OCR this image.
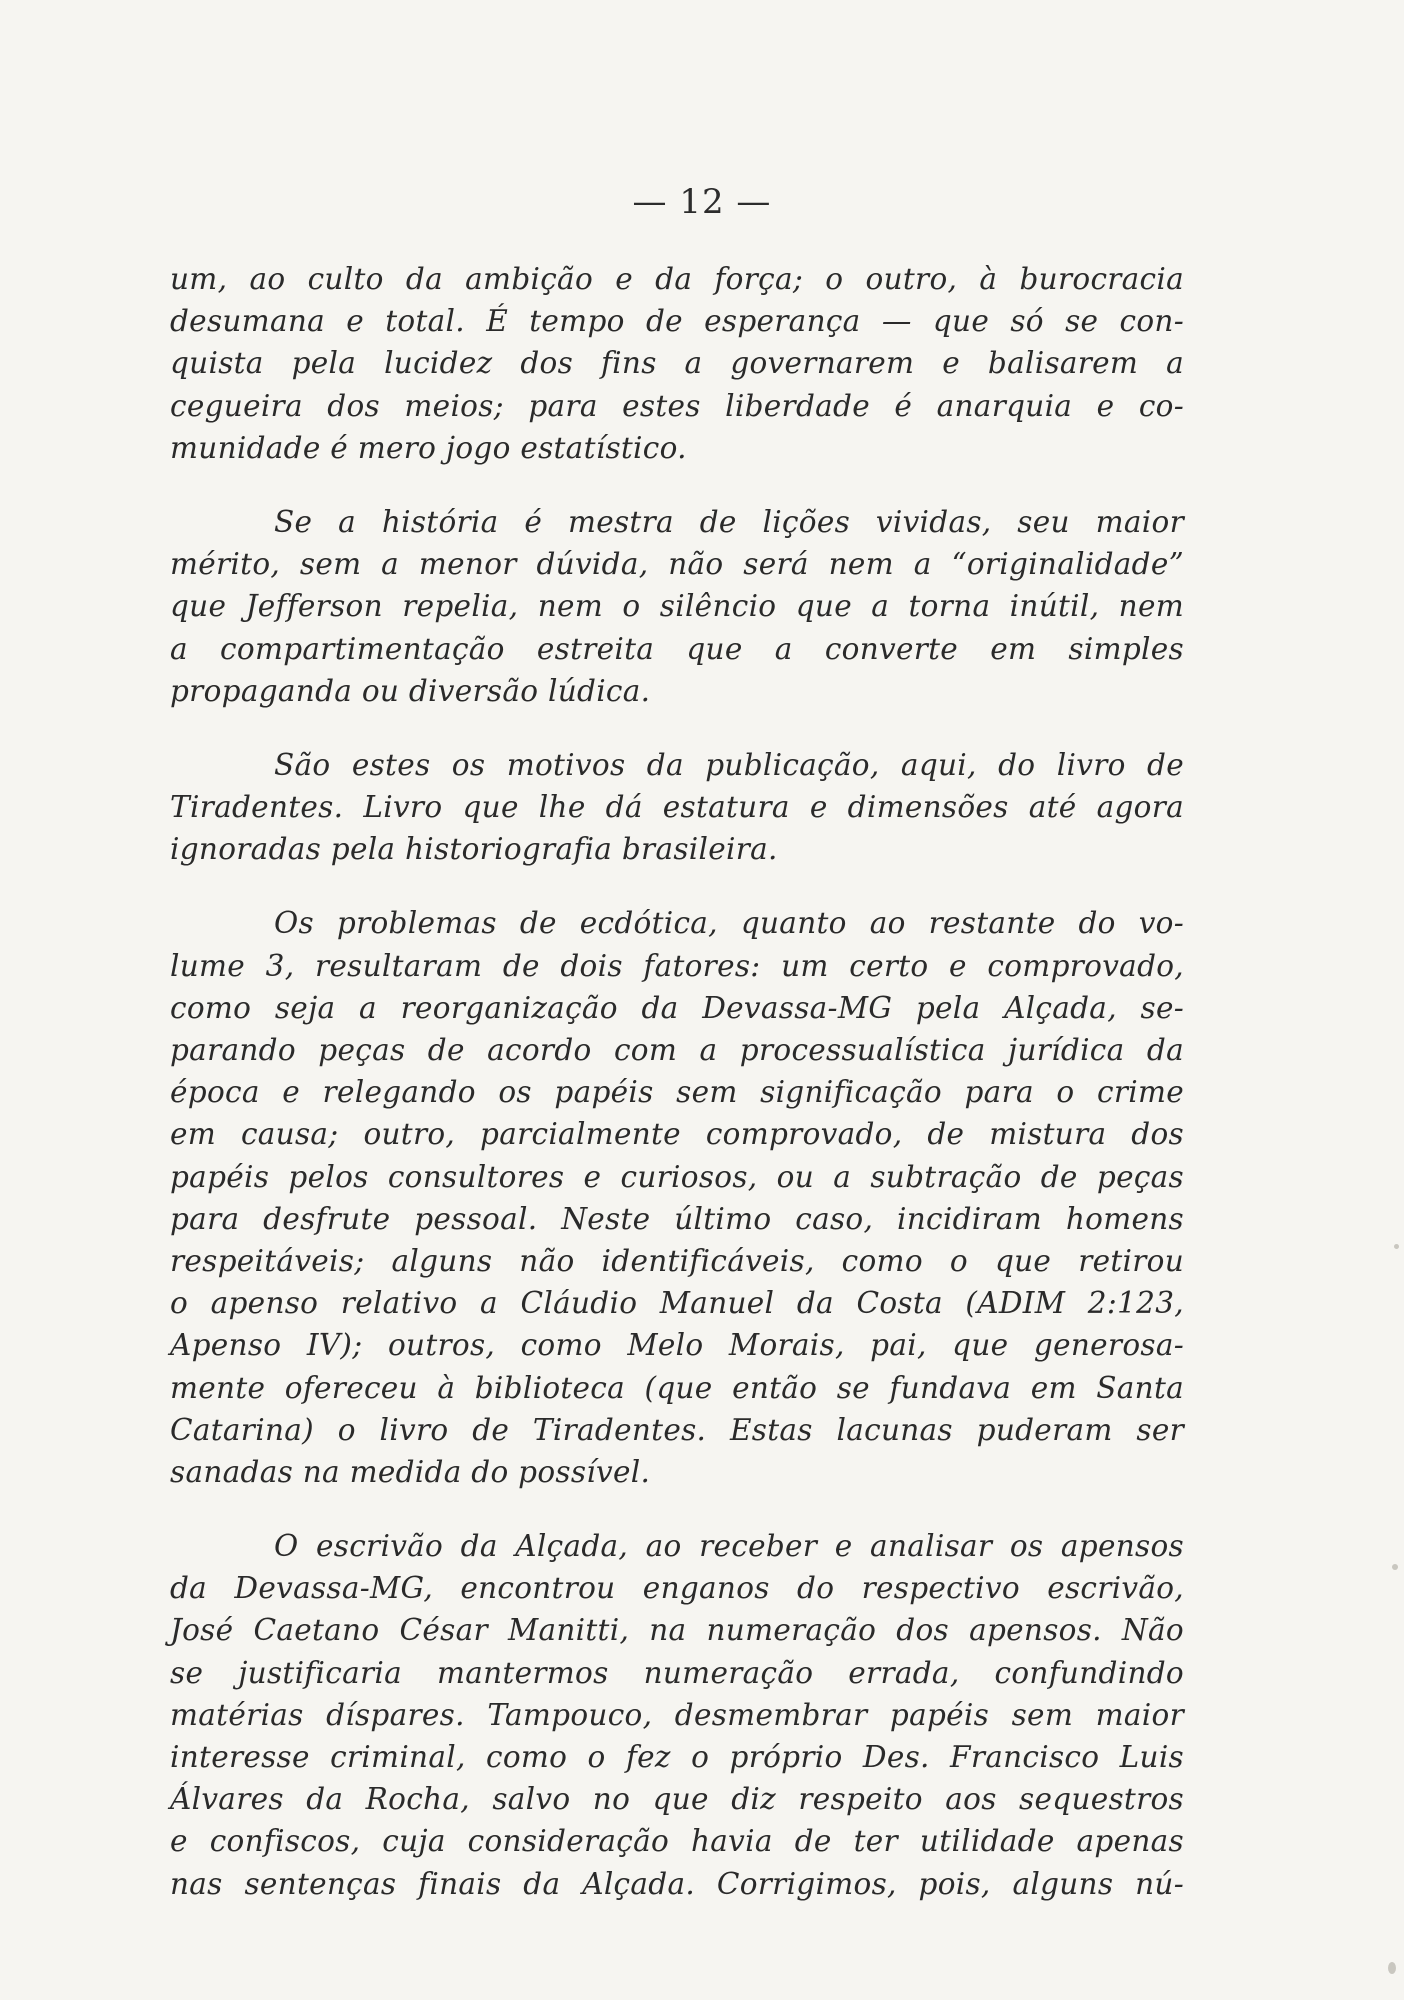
— 12 —
um, ao culto da ambição e da força; o outro, à burocracia
desumana e total. É tempo de esperança — que só se con-
quista pela lucidez dos fins a governarem e balisarem a
cegueira dos meios; para estes liberdade é anarquia e co-
munidade é mero jogo estatístico.
Se a história é mestra de lições vividas, seu maior
mérito, sem a menor dúvida, não será nem a “originalidade”
que Jefferson repelia, nem o silêncio que a torna inútil, nem
a compartimentação estreita que a converte em simples
propaganda ou diversão lúdica.
São estes os motivos da publicação, aqui, do livro de
Tiradentes. Livro que lhe dá estatura e dimensões até agora
ignoradas pela historiografia brasileira.
Os problemas de ecdótica, quanto ao restante do vo-
lume 3, resultaram de dois fatores: um certo e comprovado,
como seja a reorganização da Devassa-MG pela Alçada, se-
parando peças de acordo com a processualística jurídica da
época e relegando os papéis sem significação para o crime
em causa; outro, parcialmente comprovado, de mistura dos
papéis pelos consultores e curiosos, ou a subtração de peças
para desfrute pessoal. Neste último caso, incidiram homens
respeitáveis; alguns não identificáveis, como o que retirou
o apenso relativo a Cláudio Manuel da Costa (ADIM 2:123,
Apenso IV); outros, como Melo Morais, pai, que generosa-
mente ofereceu à biblioteca (que então se fundava em Santa
Catarina) o livro de Tiradentes. Estas lacunas puderam ser
sanadas na medida do possível.
O escrivão da Alçada, ao receber e analisar os apensos
da Devassa-MG, encontrou enganos do respectivo escrivão,
José Caetano César Manitti, na numeração dos apensos. Não
se justificaria mantermos numeração errada, confundindo
matérias díspares. Tampouco, desmembrar papéis sem maior
interesse criminal, como o fez o próprio Des. Francisco Luis
Álvares da Rocha, salvo no que diz respeito aos sequestros
e confiscos, cuja consideração havia de ter utilidade apenas
nas sentenças finais da Alçada. Corrigimos, pois, alguns nú-
